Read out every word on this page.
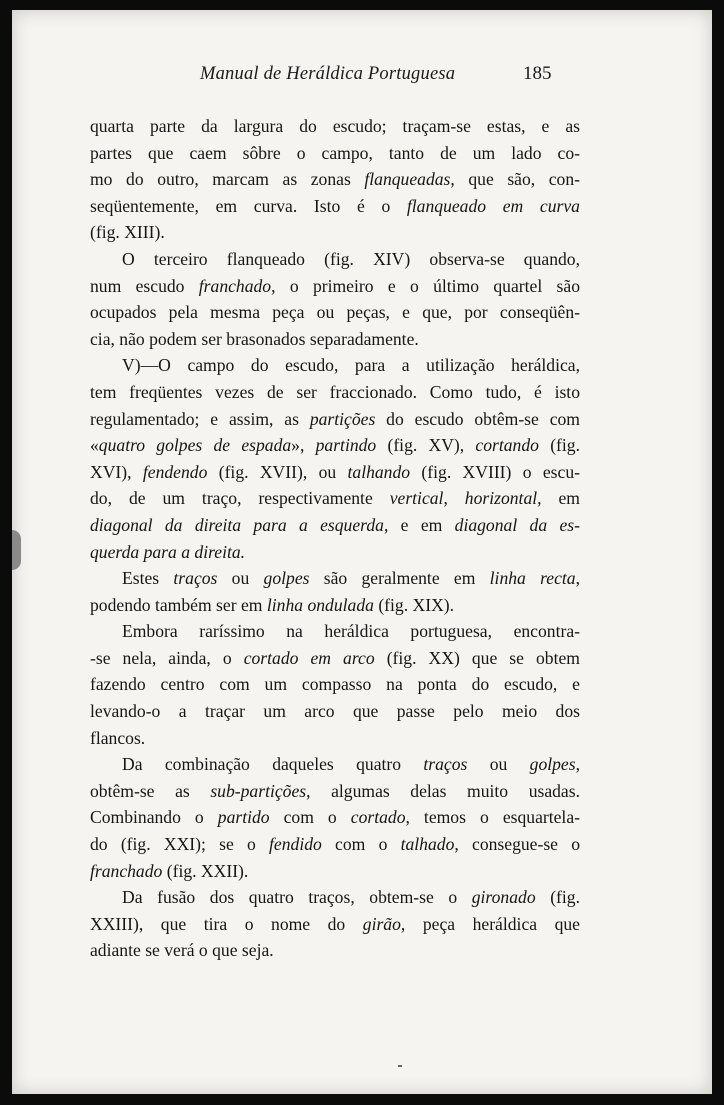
Manual de Heráldica Portuguesa	185
quarta parte da largura do escudo; traçam-se estas, e as
partes que caem sôbre o campo, tanto de um lado co-
mo do outro, marcam as zonas flanqueadas, que são, con-
seqüentemente, em curva. Isto é o flanqueado em curva
(fig. XIII).
O terceiro flanqueado (fig. XIV) observa-se quando,
num escudo franchado, o primeiro e o último quartel são
ocupados pela mesma peça ou peças, e que, por conseqüên-
cia, não podem ser brasonados separadamente.
V)—O campo do escudo, para a utilização heráldica,
tem freqüentes vezes de ser fraccionado. Como tudo, é isto
regulamentado; e assim, as partições do escudo obtêm-se com
«quatro golpes de espada», partindo (fig. XV), cortando (fig.
XVI), fendendo (fig. XVII), ou talhando (fig. XVIII) o escu-
do, de um traço, respectivamente vertical, horizontal, em
diagonal da direita para a esquerda, e em diagonal da es-
querda para a direita.
Estes traços ou golpes são geralmente em linha recta,
podendo também ser em linha ondulada (fig. XIX).
Embora raríssimo na heráldica portuguesa, encontra-
-se nela, ainda, o cortado em arco (fig. XX) que se obtem
fazendo centro com um compasso na ponta do escudo, e
levando-o a traçar um arco que passe pelo meio dos
flancos.
Da combinação daqueles quatro traços ou golpes,
obtêm-se as sub-partições, algumas delas muito usadas.
Combinando o partido com o cortado, temos o esquartela-
do (fig. XXI); se o fendido com o talhado, consegue-se o
franchado (fig. XXII).
Da fusão dos quatro traços, obtem-se o gironado (fig.
XXIII), que tira o nome do girão, peça heráldica que
adiante se verá o que seja.
